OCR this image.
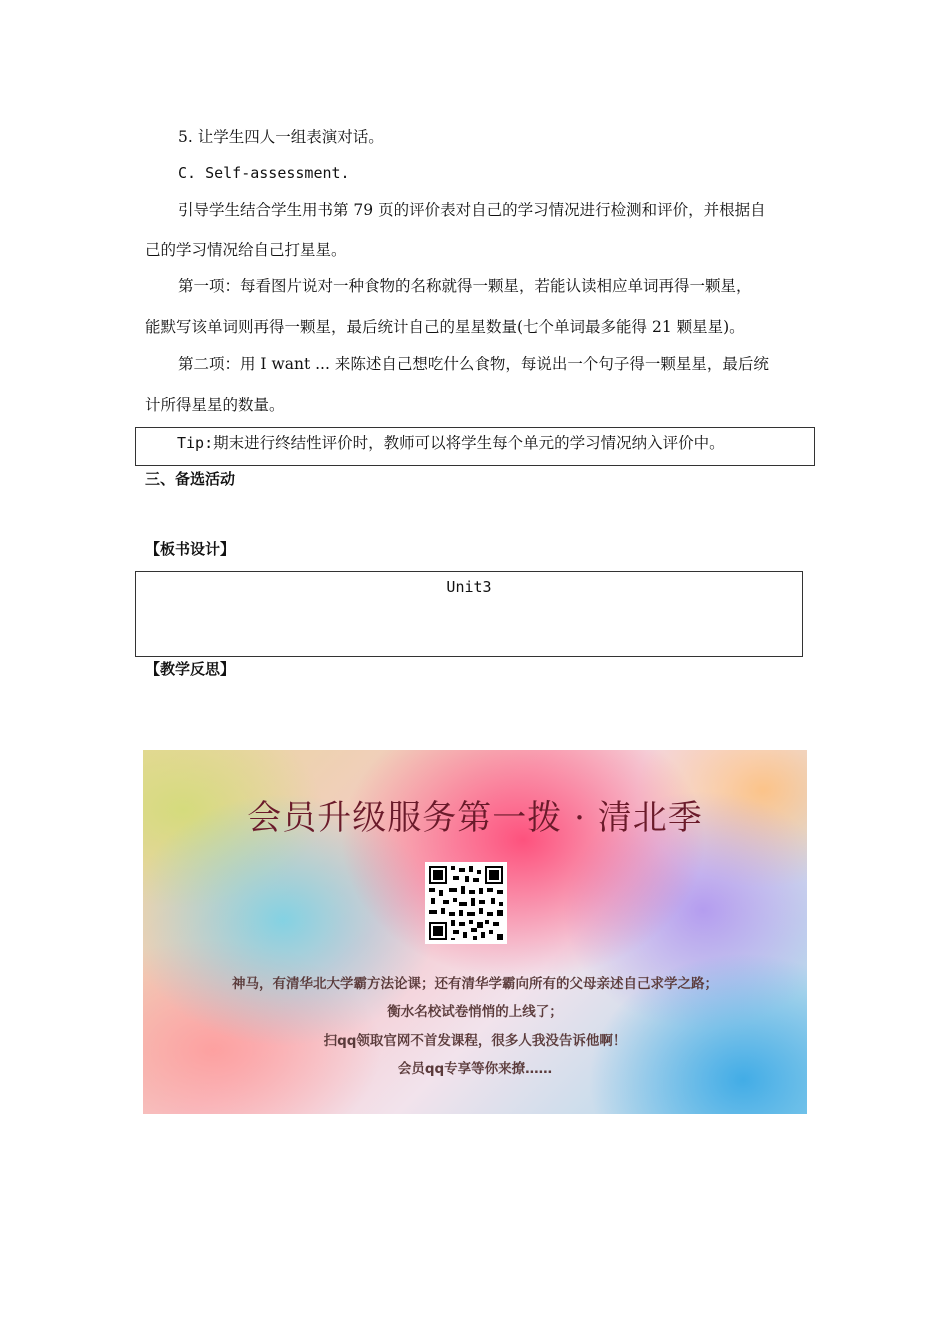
5. 让学生四人一组表演对话。
C. Self-assessment.
引导学生结合学生用书第 79 页的评价表对自己的学习情况进行检测和评价，并根据自
己的学习情况给自己打星星。
第一项：每看图片说对一种食物的名称就得一颗星，若能认读相应单词再得一颗星，
能默写该单词则再得一颗星，最后统计自己的星星数量(七个单词最多能得 21 颗星星)。
第二项：用 I want ... 来陈述自己想吃什么食物，每说出一个句子得一颗星星，最后统
计所得星星的数量。
Tip:期末进行终结性评价时，教师可以将学生每个单元的学习情况纳入评价中。
三、备选活动
【板书设计】
Unit3
【教学反思】
会员升级服务第一拨 · 清北季
神马，有清华北大学霸方法论课；还有清华学霸向所有的父母亲述自己求学之路；
衡水名校试卷悄悄的上线了；
扫qq领取官网不首发课程，很多人我没告诉他啊！
会员qq专享等你来撩……
